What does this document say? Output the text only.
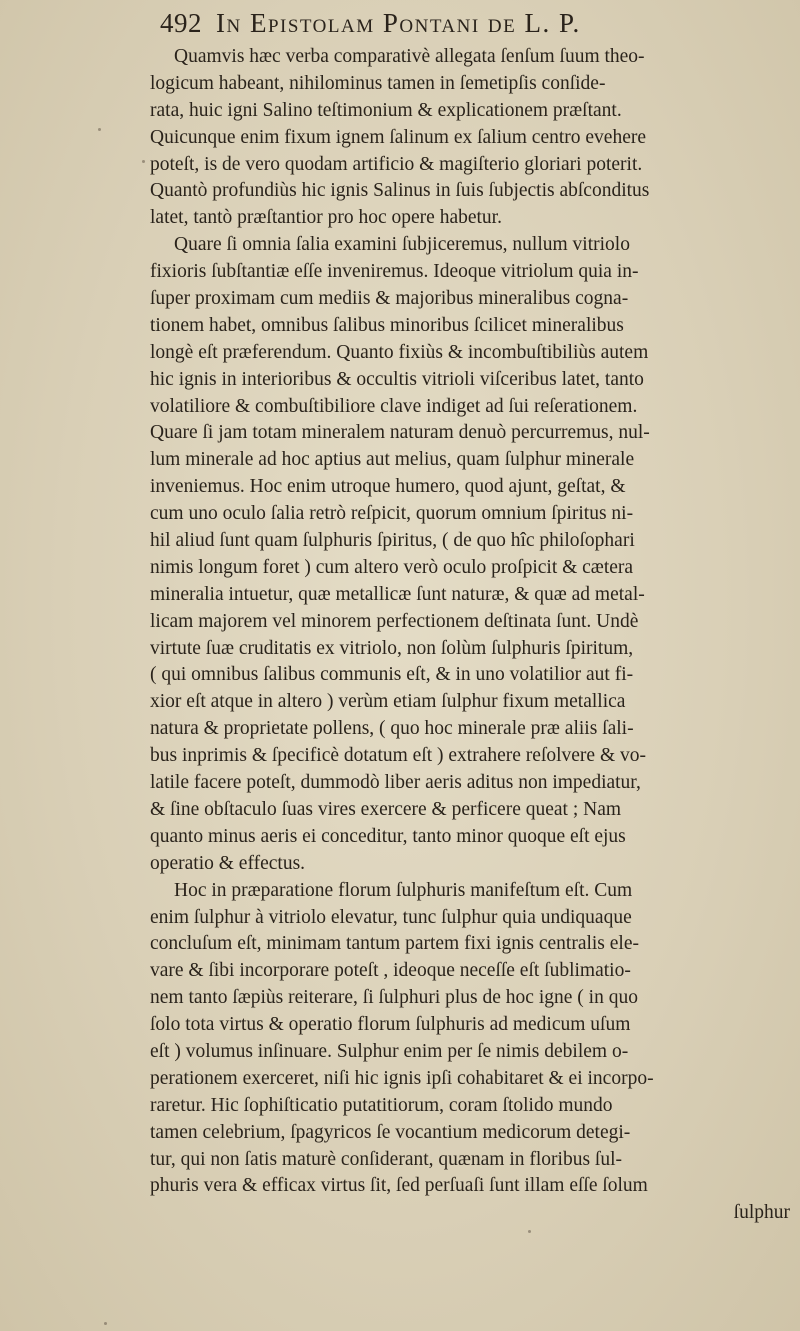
492 In Epistolam Pontani de L. P.
Quamvis hæc verba comparativè allegata ſenſum ſuum theo-
logicum habeant, nihilominus tamen in ſemetipſis conſide-
rata, huic igni Salino teſtimonium & explicationem præſtant.
Quicunque enim fixum ignem ſalinum ex ſalium centro evehere
poteſt, is de vero quodam artificio & magiſterio gloriari poterit.
Quantò profundiùs hic ignis Salinus in ſuis ſubjectis abſconditus
latet, tantò præſtantior pro hoc opere habetur.
Quare ſi omnia ſalia examini ſubjiceremus, nullum vitriolo
fixioris ſubſtantiæ eſſe inveniremus. Ideoque vitriolum quia in-
ſuper proximam cum mediis & majoribus mineralibus cogna-
tionem habet, omnibus ſalibus minoribus ſcilicet mineralibus
longè eſt præferendum. Quanto fixiùs & incombuſtibiliùs autem
hic ignis in interioribus & occultis vitrioli viſceribus latet, tanto
volatiliore & combuſtibiliore clave indiget ad ſui reſerationem.
Quare ſi jam totam mineralem naturam denuò percurremus, nul-
lum minerale ad hoc aptius aut melius, quam ſulphur minerale
inveniemus. Hoc enim utroque humero, quod ajunt, geſtat, &
cum uno oculo ſalia retrò reſpicit, quorum omnium ſpiritus ni-
hil aliud ſunt quam ſulphuris ſpiritus, ( de quo hîc philoſophari
nimis longum foret ) cum altero verò oculo proſpicit & cætera
mineralia intuetur, quæ metallicæ ſunt naturæ, & quæ ad metal-
licam majorem vel minorem perfectionem deſtinata ſunt. Undè
virtute ſuæ cruditatis ex vitriolo, non ſolùm ſulphuris ſpiritum,
( qui omnibus ſalibus communis eſt, & in uno volatilior aut fi-
xior eſt atque in altero ) verùm etiam ſulphur fixum metallica
natura & proprietate pollens, ( quo hoc minerale præ aliis ſali-
bus inprimis & ſpecificè dotatum eſt ) extrahere reſolvere & vo-
latile facere poteſt, dummodò liber aeris aditus non impediatur,
& ſine obſtaculo ſuas vires exercere & perficere queat ; Nam
quanto minus aeris ei conceditur, tanto minor quoque eſt ejus
operatio & effectus.
Hoc in præparatione florum ſulphuris manifeſtum eſt. Cum
enim ſulphur à vitriolo elevatur, tunc ſulphur quia undiquaque
concluſum eſt, minimam tantum partem fixi ignis centralis ele-
vare & ſibi incorporare poteſt , ideoque neceſſe eſt ſublimatio-
nem tanto ſæpiùs reiterare, ſi ſulphuri plus de hoc igne ( in quo
ſolo tota virtus & operatio florum ſulphuris ad medicum uſum
eſt ) volumus inſinuare. Sulphur enim per ſe nimis debilem o-
perationem exerceret, niſi hic ignis ipſi cohabitaret & ei incorpo-
raretur. Hic ſophiſticatio putatitiorum, coram ſtolido mundo
tamen celebrium, ſpagyricos ſe vocantium medicorum detegi-
tur, qui non ſatis maturè conſiderant, quænam in floribus ſul-
phuris vera & efficax virtus ſit, ſed perſuaſi ſunt illam eſſe ſolum
ſulphur
